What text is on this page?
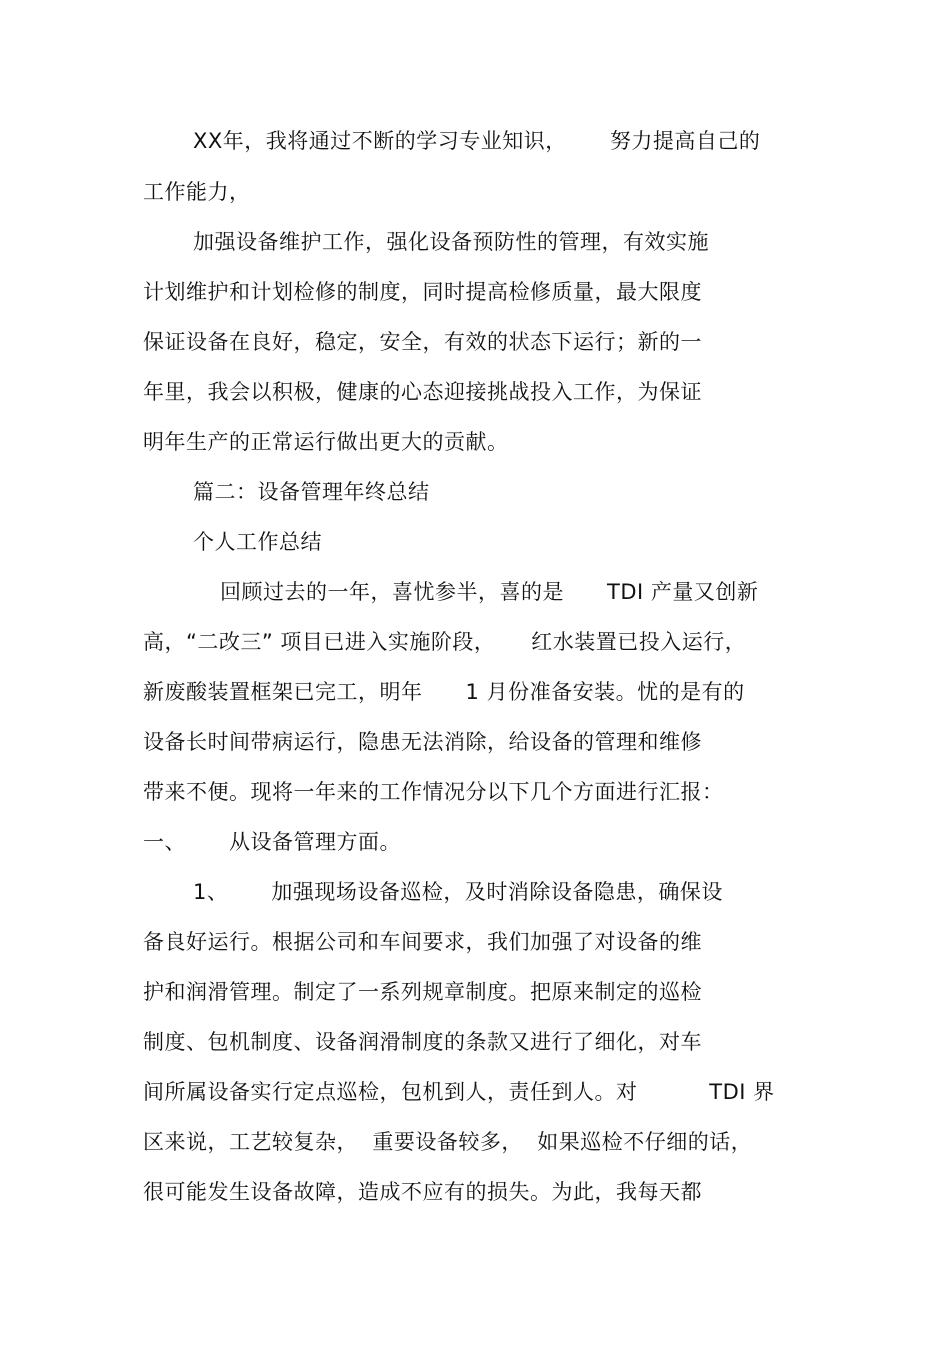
XX年，我将通过不断的学习专业知识，      努力提高自己的
工作能力，
加强设备维护工作，强化设备预防性的管理，有效实施
计划维护和计划检修的制度，同时提高检修质量，最大限度
保证设备在良好，稳定，安全，有效的状态下运行；新的一
年里，我会以积极，健康的心态迎接挑战投入工作，为保证
明年生产的正常运行做出更大的贡献。
篇二：设备管理年终总结
个人工作总结
回顾过去的一年，喜忧参半，喜的是      TDI 产量又创新
高，“二改三” 项目已进入实施阶段，     红水装置已投入运行，
新废酸装置框架已完工，明年      1 月份准备安装。忧的是有的
设备长时间带病运行，隐患无法消除，给设备的管理和维修
带来不便。现将一年来的工作情况分以下几个方面进行汇报：
一、      从设备管理方面。
1、      加强现场设备巡检，及时消除设备隐患，确保设
备良好运行。根据公司和车间要求，我们加强了对设备的维
护和润滑管理。制定了一系列规章制度。把原来制定的巡检
制度、包机制度、设备润滑制度的条款又进行了细化，对车
间所属设备实行定点巡检，包机到人，责任到人。对          TDI 界
区来说，工艺较复杂，  重要设备较多，  如果巡检不仔细的话，
很可能发生设备故障，造成不应有的损失。为此，我每天都
